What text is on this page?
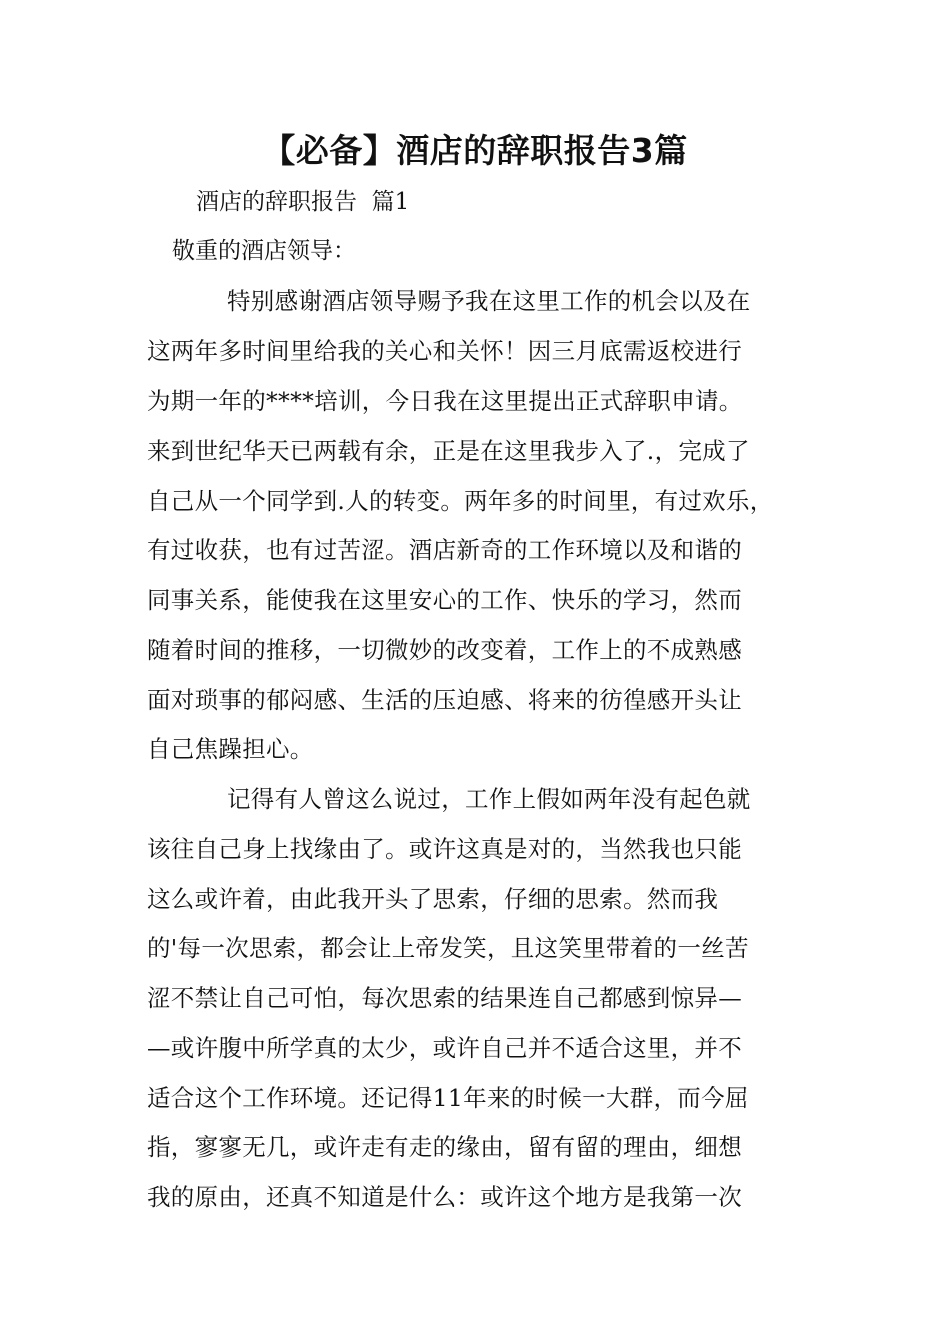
【必备】酒店的辞职报告3篇
酒店的辞职报告  篇1
敬重的酒店领导：
特别感谢酒店领导赐予我在这里工作的机会以及在
这两年多时间里给我的关心和关怀！因三月底需返校进行
为期一年的****培训，今日我在这里提出正式辞职申请。
来到世纪华天已两载有余，正是在这里我步入了.，完成了
自己从一个同学到.人的转变。两年多的时间里，有过欢乐，
有过收获，也有过苦涩。酒店新奇的工作环境以及和谐的
同事关系，能使我在这里安心的工作、快乐的学习，然而
随着时间的推移，一切微妙的改变着，工作上的不成熟感
面对琐事的郁闷感、生活的压迫感、将来的彷徨感开头让
自己焦躁担心。
记得有人曾这么说过，工作上假如两年没有起色就
该往自己身上找缘由了。或许这真是对的，当然我也只能
这么或许着，由此我开头了思索，仔细的思索。然而我
的'每一次思索，都会让上帝发笑，且这笑里带着的一丝苦
涩不禁让自己可怕，每次思索的结果连自己都感到惊异—
—或许腹中所学真的太少，或许自己并不适合这里，并不
适合这个工作环境。还记得11年来的时候一大群，而今屈
指，寥寥无几，或许走有走的缘由，留有留的理由，细想
我的原由，还真不知道是什么：或许这个地方是我第一次
